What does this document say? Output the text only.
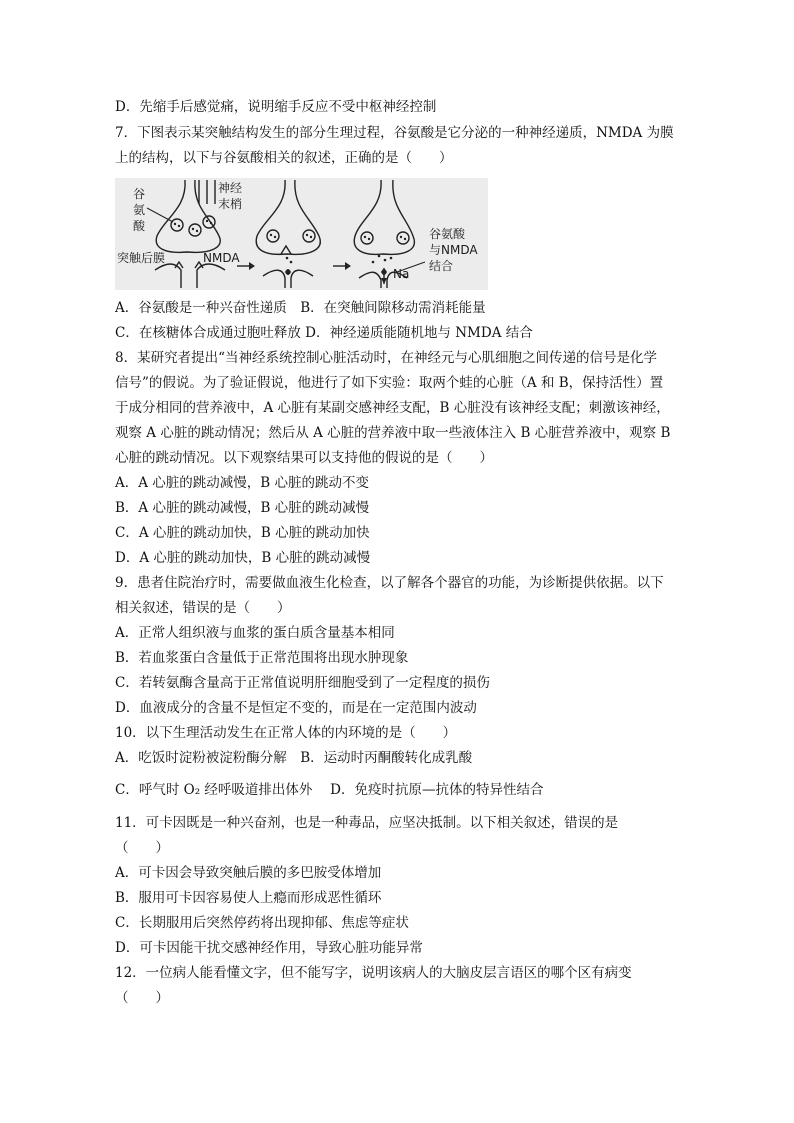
D．先缩手后感觉痛，说明缩手反应不受中枢神经控制
7．下图表示某突触结构发生的部分生理过程，谷氨酸是它分泌的一种神经递质，NMDA 为膜
上的结构，以下与谷氨酸相关的叙述，正确的是（　　）
谷
氨
酸
神经
末梢
突触后膜	NMDA
谷氨酸
与NMDA
结合
Na
A．谷氨酸是一种兴奋性递质　B．在突触间隙移动需消耗能量
C．在核糖体合成通过胞吐释放 D．神经递质能随机地与 NMDA 结合
8．某研究者提出“当神经系统控制心脏活动时，在神经元与心肌细胞之间传递的信号是化学
信号”的假说。为了验证假说，他进行了如下实验：取两个蛙的心脏（A 和 B，保持活性）置
于成分相同的营养液中，A 心脏有某副交感神经支配，B 心脏没有该神经支配；刺激该神经，
观察 A 心脏的跳动情况；然后从 A 心脏的营养液中取一些液体注入 B 心脏营养液中，观察 B
心脏的跳动情况。以下观察结果可以支持他的假说的是（　　）
A．A 心脏的跳动减慢，B 心脏的跳动不变
B．A 心脏的跳动减慢，B 心脏的跳动减慢
C．A 心脏的跳动加快，B 心脏的跳动加快
D．A 心脏的跳动加快，B 心脏的跳动减慢
9．患者住院治疗时，需要做血液生化检查，以了解各个器官的功能，为诊断提供依据。以下
相关叙述，错误的是（　　）
A．正常人组织液与血浆的蛋白质含量基本相同
B．若血浆蛋白含量低于正常范围将出现水肿现象
C．若转氨酶含量高于正常值说明肝细胞受到了一定程度的损伤
D．血液成分的含量不是恒定不变的，而是在一定范围内波动
10．以下生理活动发生在正常人体的内环境的是（　　）
A．吃饭时淀粉被淀粉酶分解　B．运动时丙酮酸转化成乳酸
C．呼气时 O₂ 经呼吸道排出体外　 D．免疫时抗原—抗体的特异性结合
11．可卡因既是一种兴奋剂，也是一种毒品，应坚决抵制。以下相关叙述，错误的是
（　　）
A．可卡因会导致突触后膜的多巴胺受体增加
B．服用可卡因容易使人上瘾而形成恶性循环
C．长期服用后突然停药将出现抑郁、焦虑等症状
D．可卡因能干扰交感神经作用，导致心脏功能异常
12．一位病人能看懂文字，但不能写字，说明该病人的大脑皮层言语区的哪个区有病变
（　　）
